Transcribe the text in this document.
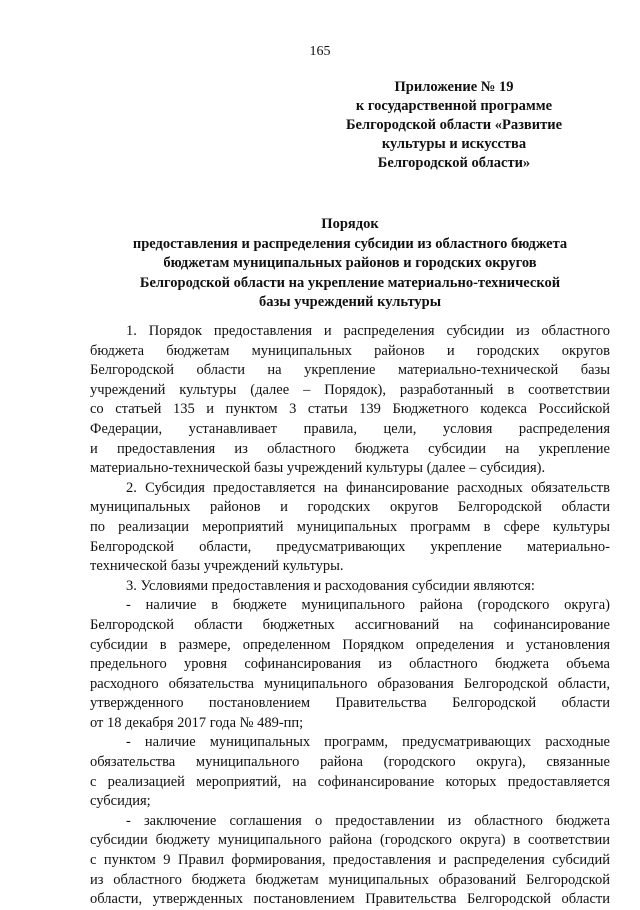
165
Приложение № 19
к государственной программе
Белгородской области «Развитие
культуры и искусства
Белгородской области»
Порядок
предоставления и распределения субсидии из областного бюджета
бюджетам муниципальных районов и городских округов
Белгородской области на укрепление материально-технической
базы учреждений культуры
1. Порядок предоставления и распределения субсидии из областного
бюджета бюджетам муниципальных районов и городских округов
Белгородской области на укрепление материально-технической базы
учреждений культуры (далее – Порядок), разработанный в соответствии
со статьей 135 и пунктом 3 статьи 139 Бюджетного кодекса Российской
Федерации, устанавливает правила, цели, условия распределения
и предоставления из областного бюджета субсидии на укрепление
материально-технической базы учреждений культуры (далее – субсидия).
2. Субсидия предоставляется на финансирование расходных обязательств
муниципальных районов и городских округов Белгородской области
по реализации мероприятий муниципальных программ в сфере культуры
Белгородской области, предусматривающих укрепление материально-
технической базы учреждений культуры.
3. Условиями предоставления и расходования субсидии являются:
- наличие в бюджете муниципального района (городского округа)
Белгородской области бюджетных ассигнований на софинансирование
субсидии в размере, определенном Порядком определения и установления
предельного уровня софинансирования из областного бюджета объема
расходного обязательства муниципального образования Белгородской области,
утвержденного постановлением Правительства Белгородской области
от 18 декабря 2017 года № 489-пп;
- наличие муниципальных программ, предусматривающих расходные
обязательства муниципального района (городского округа), связанные
с реализацией мероприятий, на софинансирование которых предоставляется
субсидия;
- заключение соглашения о предоставлении из областного бюджета
субсидии бюджету муниципального района (городского округа) в соответствии
с пунктом 9 Правил формирования, предоставления и распределения субсидий
из областного бюджета бюджетам муниципальных образований Белгородской
области, утвержденных постановлением Правительства Белгородской области
